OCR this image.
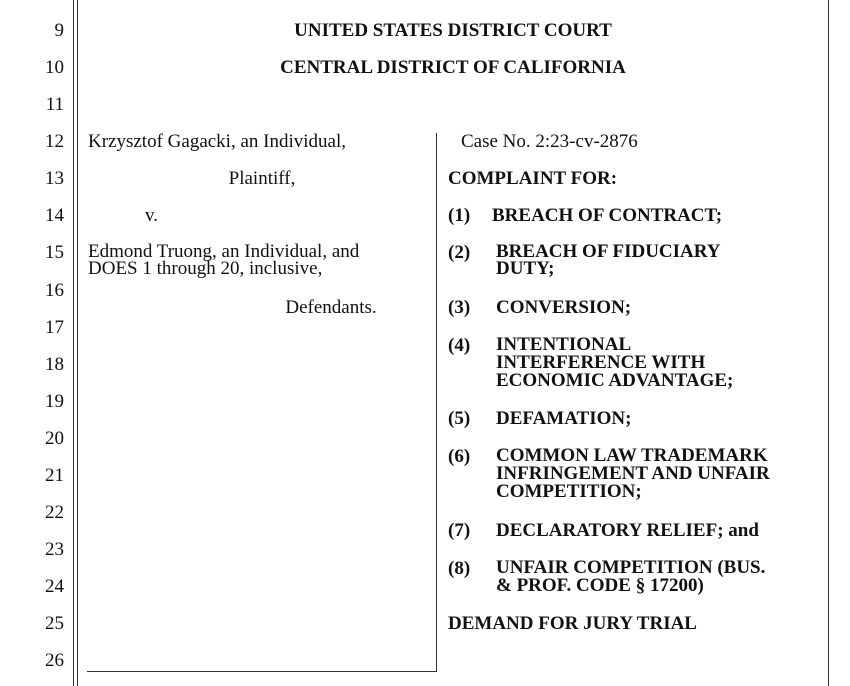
9
10
11
12
13
14
15
16
17
18
19
20
21
22
23
24
25
26
UNITED STATES DISTRICT COURT
CENTRAL DISTRICT OF CALIFORNIA
Krzysztof Gagacki, an Individual,
Plaintiff,
v.
Edmond Truong, an Individual, and
DOES 1 through 20, inclusive,
Defendants.
Case No. 2:23-cv-2876
COMPLAINT FOR:
(1) BREACH OF CONTRACT;
(2) BREACH OF FIDUCIARY
DUTY;
(3) CONVERSION;
(4) INTENTIONAL
INTERFERENCE WITH
ECONOMIC ADVANTAGE;
(5) DEFAMATION;
(6) COMMON LAW TRADEMARK
INFRINGEMENT AND UNFAIR
COMPETITION;
(7) DECLARATORY RELIEF; and
(8) UNFAIR COMPETITION (BUS.
& PROF. CODE § 17200)
DEMAND FOR JURY TRIAL
